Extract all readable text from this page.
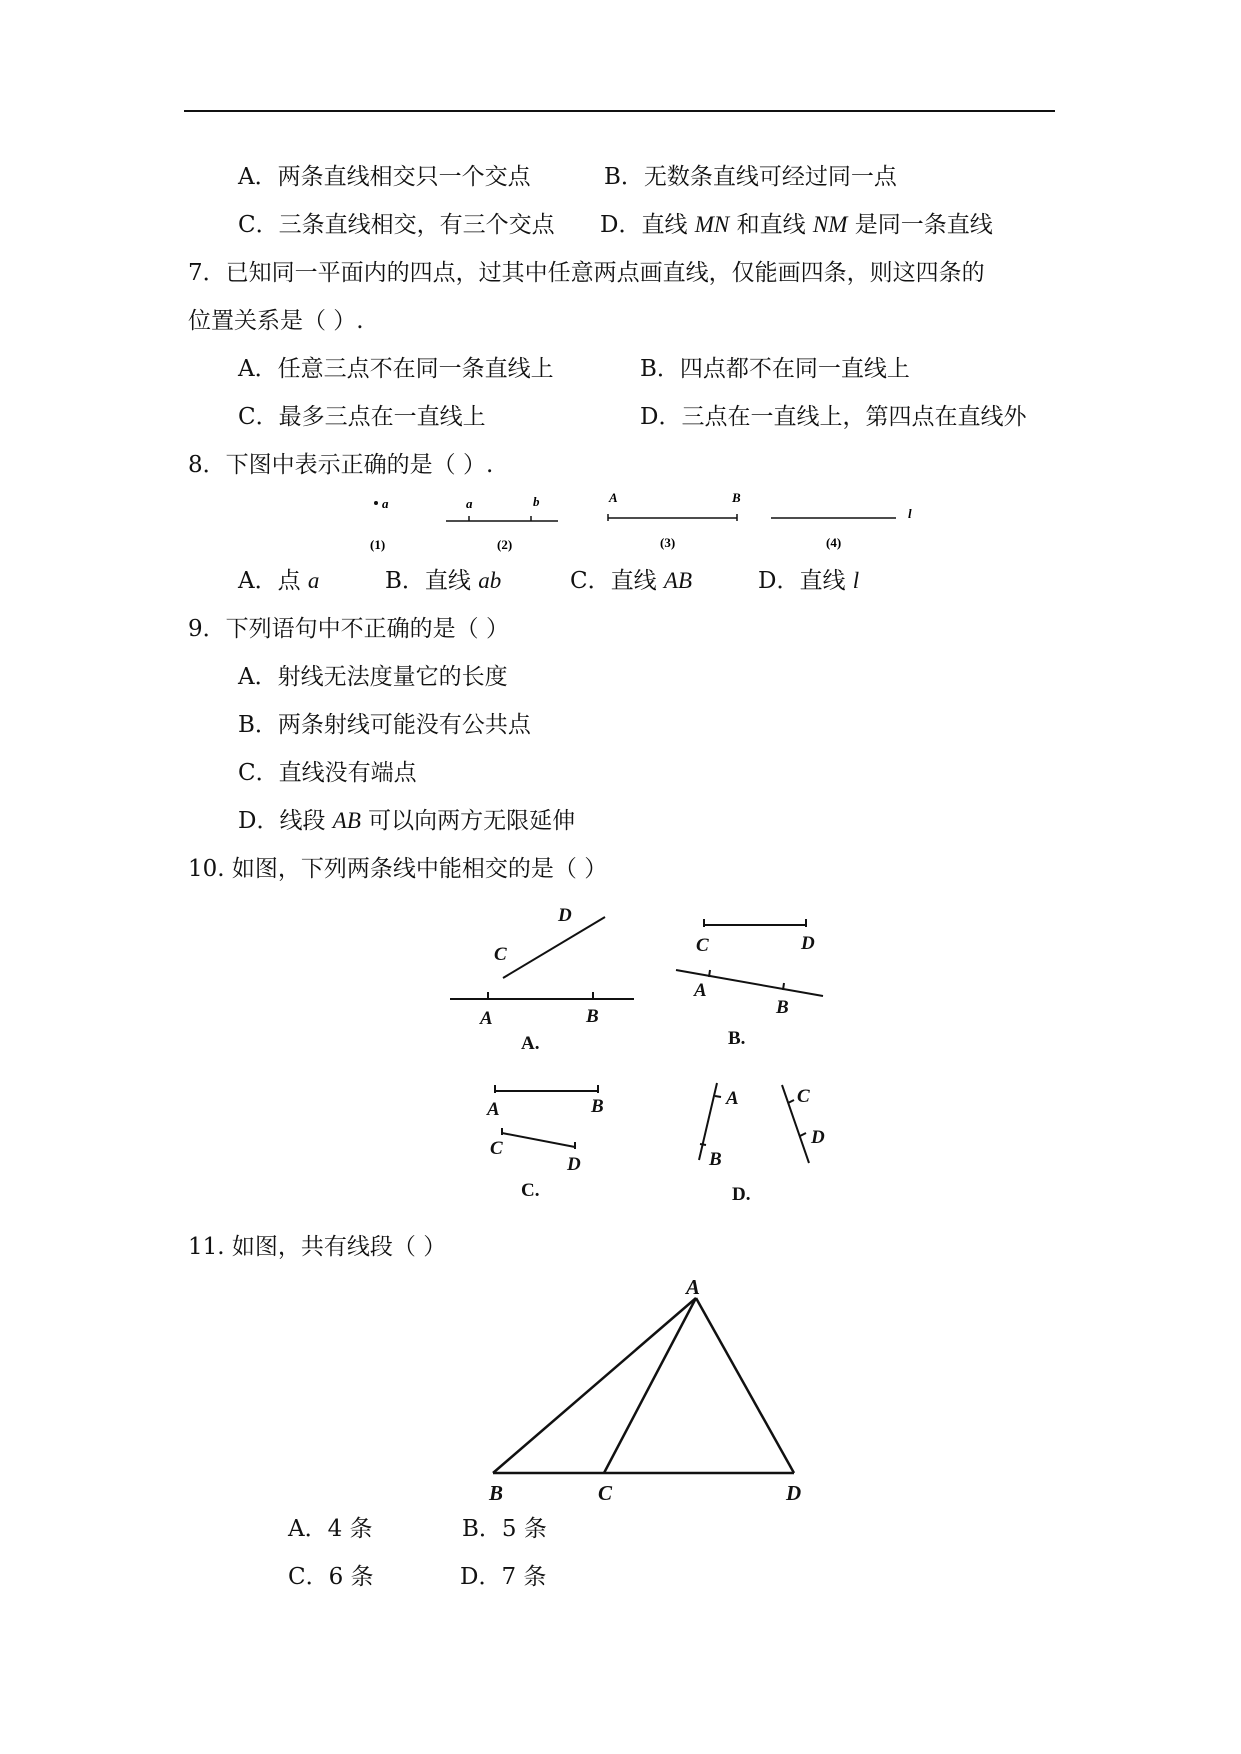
A．两条直线相交只一个交点	B．无数条直线可经过同一点
C．三条直线相交，有三个交点 D．直线 MN 和直线 NM 是同一条直线
7．已知同一平面内的四点，过其中任意两点画直线，仅能画四条，则这四条的
位置关系是（ ）.
A．任意三点不在同一条直线上	B．四点都不在同一直线上
C．最多三点在一直线上	D．三点在一直线上，第四点在直线外
8．下图中表示正确的是（ ）.
a	a	b	A	B
l
(1)	(2)	(3)	(4)
A．点 a	B．直线 ab	C．直线 AB	D．直线 l
9．下列语句中不正确的是（ ）
A．射线无法度量它的长度
B．两条射线可能没有公共点
C．直线没有端点
D．线段 AB 可以向两方无限延伸
10. 如图，下列两条线中能相交的是（ ）
D
C
A	B
C	D
A
B
A	B
C
D
A
B
C
D
A.	B.
C.	D.
11. 如图，共有线段（ ）
A
B	C	D
A．4 条	B．5 条
C．6 条	D．7 条
